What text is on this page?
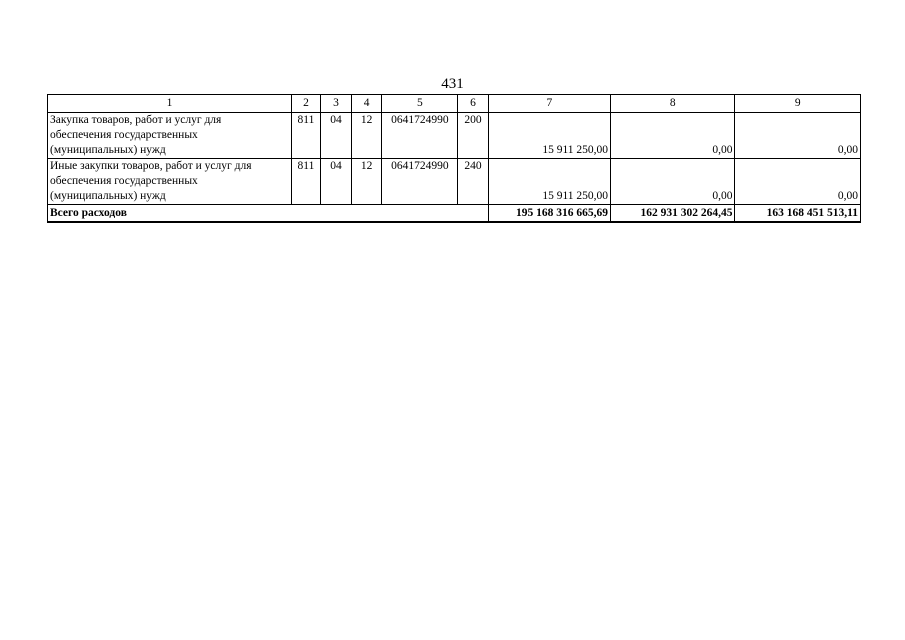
431
1	2	3	4	5	6	7	8	9

Закупка товаров, работ и услуг для
обеспечения государственных
(муниципальных) нужд	811	04	12	0641724990	200	15 911 250,00	0,00	0,00

Иные закупки товаров, работ и услуг для
обеспечения государственных
(муниципальных) нужд	811	04	12	0641724990	240	15 911 250,00	0,00	0,00
Всего расходов						195 168 316 665,69	162 931 302 264,45	163 168 451 513,11
